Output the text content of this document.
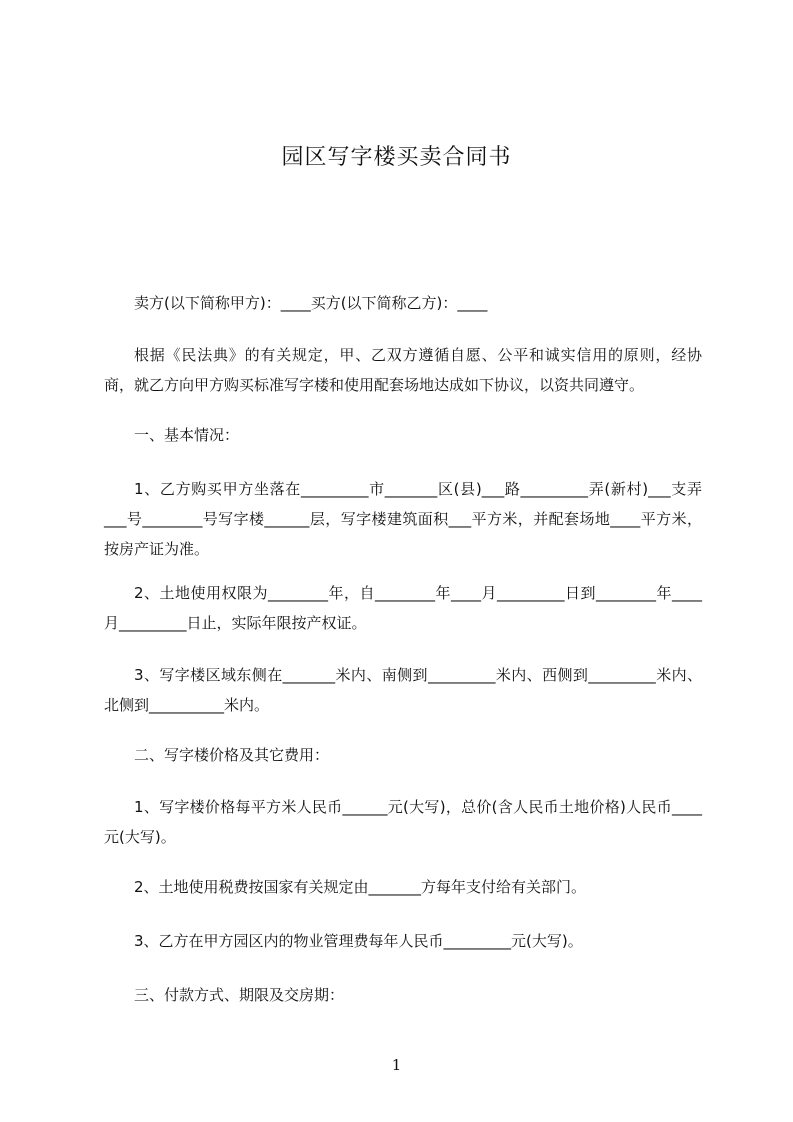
园区写字楼买卖合同书

卖方(以下简称甲方)：____买方(以下简称乙方)：____

根据《民法典》的有关规定，甲、乙双方遵循自愿、公平和诚实信用的原则，经协商，就乙方向甲方购买标准写字楼和使用配套场地达成如下协议，以资共同遵守。

一、基本情况：

1、乙方购买甲方坐落在_________市_______区(县)___路_________弄(新村)___支弄___号________号写字楼______层，写字楼建筑面积___平方米，并配套场地____平方米，按房产证为准。

2、土地使用权限为________年，自________年____月_________日到________年____月_________日止，实际年限按产权证。

3、写字楼区域东侧在_______米内、南侧到_________米内、西侧到_________米内、北侧到__________米内。

二、写字楼价格及其它费用：

1、写字楼价格每平方米人民币______元(大写)，总价(含人民币土地价格)人民币____元(大写)。

2、土地使用税费按国家有关规定由_______方每年支付给有关部门。

3、乙方在甲方园区内的物业管理费每年人民币_________元(大写)。

三、付款方式、期限及交房期：

1
